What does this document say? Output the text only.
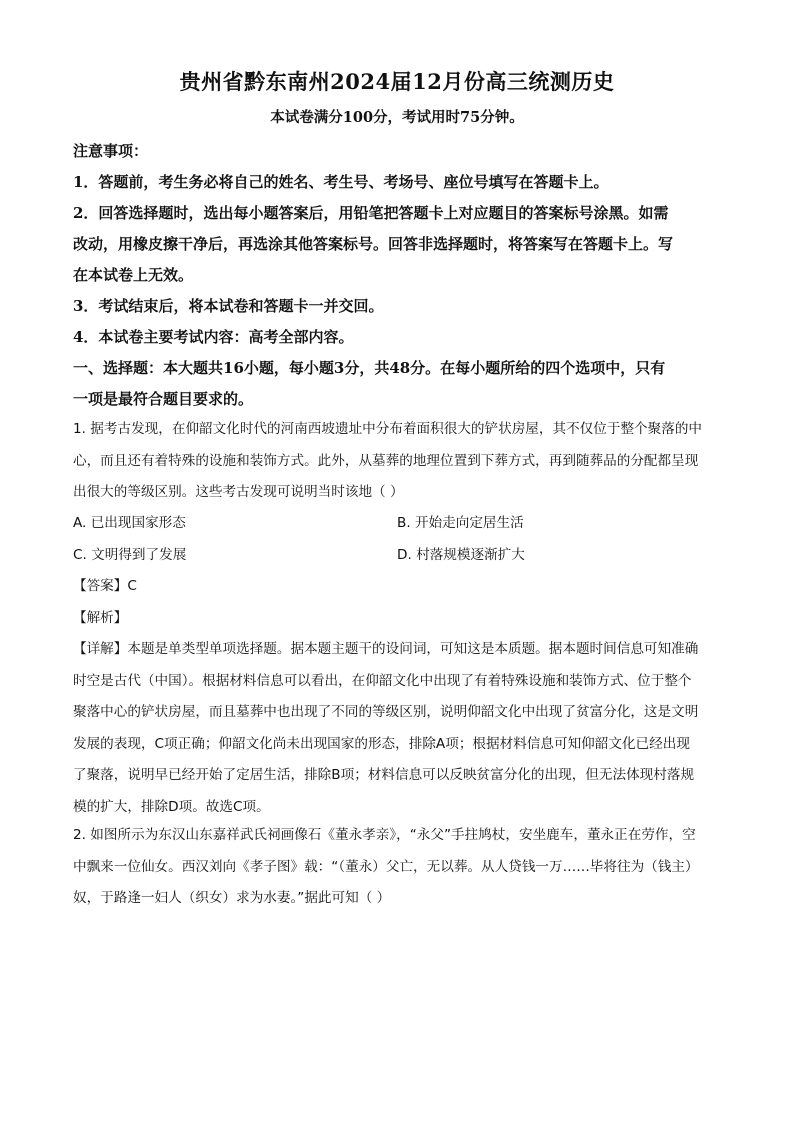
贵州省黔东南州2024届12月份高三统测历史
本试卷满分100分，考试用时75分钟。
注意事项：
1．答题前，考生务必将自己的姓名、考生号、考场号、座位号填写在答题卡上。
2．回答选择题时，选出每小题答案后，用铅笔把答题卡上对应题目的答案标号涂黑。如需
改动，用橡皮擦干净后，再选涂其他答案标号。回答非选择题时，将答案写在答题卡上。写
在本试卷上无效。
3．考试结束后，将本试卷和答题卡一并交回。
4．本试卷主要考试内容：高考全部内容。
一、选择题：本大题共16小题，每小题3分，共48分。在每小题所给的四个选项中，只有
一项是最符合题目要求的。
1. 据考古发现，在仰韶文化时代的河南西坡遗址中分布着面积很大的铲状房屋，其不仅位于整个聚落的中
心，而且还有着特殊的设施和装饰方式。此外，从墓葬的地理位置到下葬方式，再到随葬品的分配都呈现
出很大的等级区别。这些考古发现可说明当时该地（ ）
A. 已出现国家形态	B. 开始走向定居生活
C. 文明得到了发展	D. 村落规模逐渐扩大
【答案】C
【解析】
【详解】本题是单类型单项选择题。据本题主题干的设问词，可知这是本质题。据本题时间信息可知准确
时空是古代（中国）。根据材料信息可以看出，在仰韶文化中出现了有着特殊设施和装饰方式、位于整个
聚落中心的铲状房屋，而且墓葬中也出现了不同的等级区别，说明仰韶文化中出现了贫富分化，这是文明
发展的表现，C项正确；仰韶文化尚未出现国家的形态，排除A项；根据材料信息可知仰韶文化已经出现
了聚落，说明早已经开始了定居生活，排除B项；材料信息可以反映贫富分化的出现，但无法体现村落规
模的扩大，排除D项。故选C项。
2. 如图所示为东汉山东嘉祥武氏祠画像石《董永孝亲》，“永父”手拄鸠杖，安坐鹿车，董永正在劳作，空
中飘来一位仙女。西汉刘向《孝子图》载：“（董永）父亡，无以葬。从人贷钱一万……毕将往为（钱主）
奴，于路逢一妇人（织女）求为水妻。”据此可知（ ）
